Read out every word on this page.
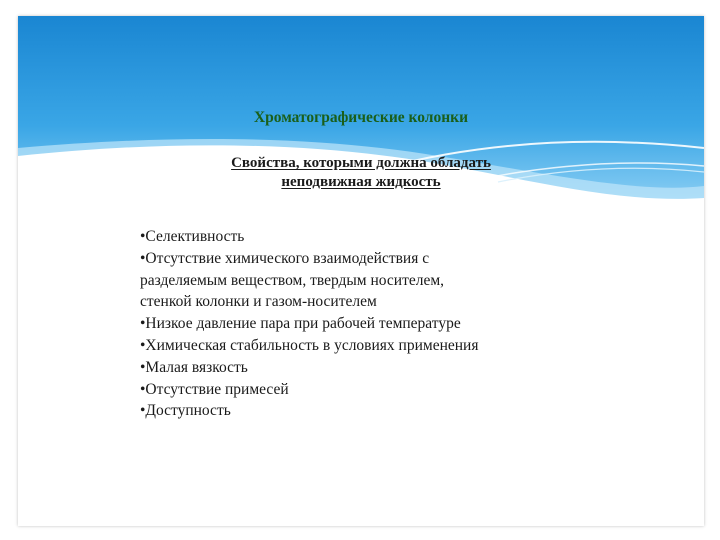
Хроматографические колонки
Свойства, которыми должна обладать
неподвижная жидкость
•Селективность
•Отсутствие химического взаимодействия с
разделяемым веществом, твердым носителем,
стенкой колонки и газом-носителем
•Низкое давление пара при рабочей температуре
•Химическая стабильность в условиях применения
•Малая вязкость
•Отсутствие примесей
•Доступность
